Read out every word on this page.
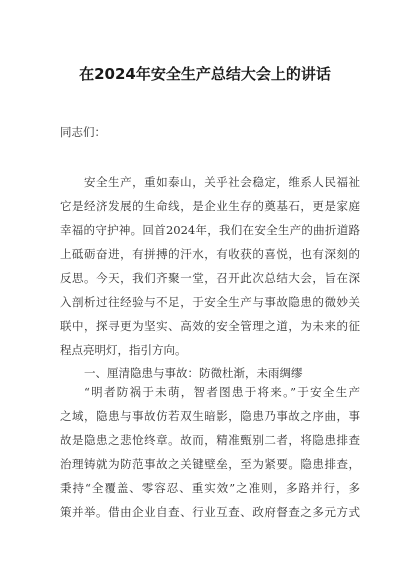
在2024年安全生产总结大会上的讲话
同志们：
安全生产，重如泰山，关乎社会稳定，维系人民福祉
它是经济发展的生命线，是企业生存的奠基石，更是家庭
幸福的守护神。回首2024年，我们在安全生产的曲折道路
上砥砺奋进，有拼搏的汗水，有收获的喜悦，也有深刻的
反思。今天，我们齐聚一堂，召开此次总结大会，旨在深
入剖析过往经验与不足，于安全生产与事故隐患的微妙关
联中，探寻更为坚实、高效的安全管理之道，为未来的征
程点亮明灯，指引方向。
一、厘清隐患与事故：防微杜渐，未雨绸缪
“明者防祸于未萌，智者图患于将来。”于安全生产
之域，隐患与事故仿若双生暗影，隐患乃事故之序曲，事
故是隐患之悲怆终章。故而，精准甄别二者，将隐患排查
治理铸就为防范事故之关键壁垒，至为紧要。隐患排查，
秉持“全覆盖、零容忍、重实效”之准则，多路并行，多
策并举。借由企业自查、行业互查、政府督查之多元方式
